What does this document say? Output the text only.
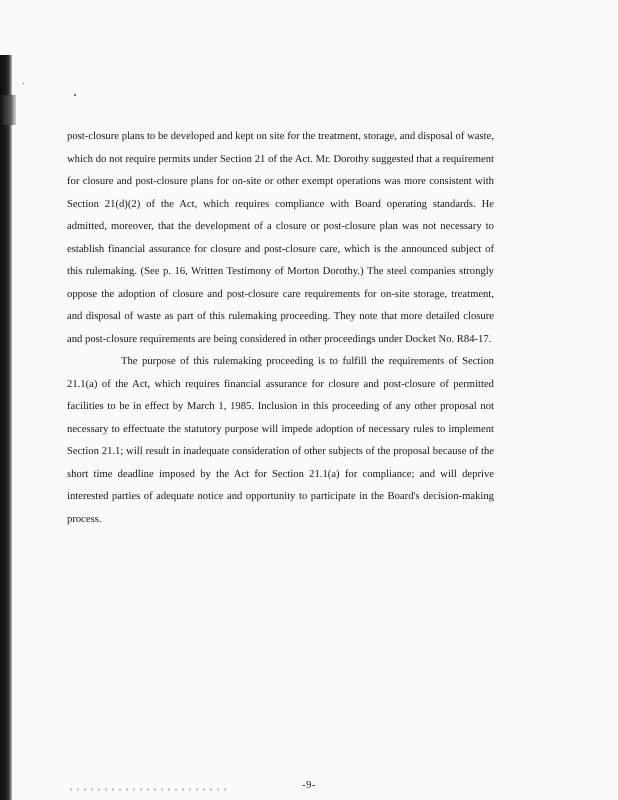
post-closure plans to be developed and kept on site for the treatment, storage, and disposal of waste, which do not require permits under Section 21 of the Act. Mr. Dorothy suggested that a requirement for closure and post-closure plans for on-site or other exempt operations was more consistent with Section 21(d)(2) of the Act, which requires compliance with Board operating standards. He admitted, moreover, that the development of a closure or post-closure plan was not necessary to establish financial assurance for closure and post-closure care, which is the announced subject of this rulemaking. (See p. 16, Written Testimony of Morton Dorothy.) The steel companies strongly oppose the adoption of closure and post-closure care requirements for on-site storage, treatment, and disposal of waste as part of this rulemaking proceeding. They note that more detailed closure and post-closure requirements are being considered in other proceedings under Docket No. R84-17.

The purpose of this rulemaking proceeding is to fulfill the requirements of Section 21.1(a) of the Act, which requires financial assurance for closure and post-closure of permitted facilities to be in effect by March 1, 1985. Inclusion in this proceeding of any other proposal not necessary to effectuate the statutory purpose will impede adoption of necessary rules to implement Section 21.1; will result in inadequate consideration of other subjects of the proposal because of the short time deadline imposed by the Act for Section 21.1(a) for compliance; and will deprive interested parties of adequate notice and opportunity to participate in the Board's decision-making process.

-9-
